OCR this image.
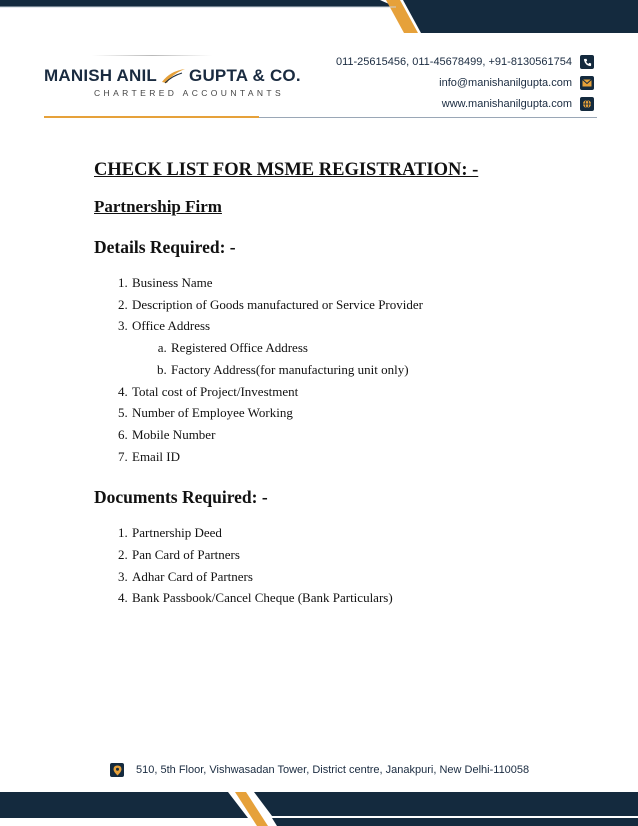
MANISH ANIL GUPTA & CO.
CHARTERED ACCOUNTANTS
011-25615456, 011-45678499, +91-8130561754
info@manishanilgupta.com
www.manishanilgupta.com
CHECK LIST FOR MSME REGISTRATION: -
Partnership Firm
Details Required: -
1. Business Name
2. Description of Goods manufactured or Service Provider
3. Office Address
a. Registered Office Address
b. Factory Address(for manufacturing unit only)
4. Total cost of Project/Investment
5. Number of Employee Working
6. Mobile Number
7. Email ID
Documents Required: -
1. Partnership Deed
2. Pan Card of Partners
3. Adhar Card of Partners
4. Bank Passbook/Cancel Cheque (Bank Particulars)
510, 5th Floor, Vishwasadan Tower, District centre, Janakpuri, New Delhi-110058
